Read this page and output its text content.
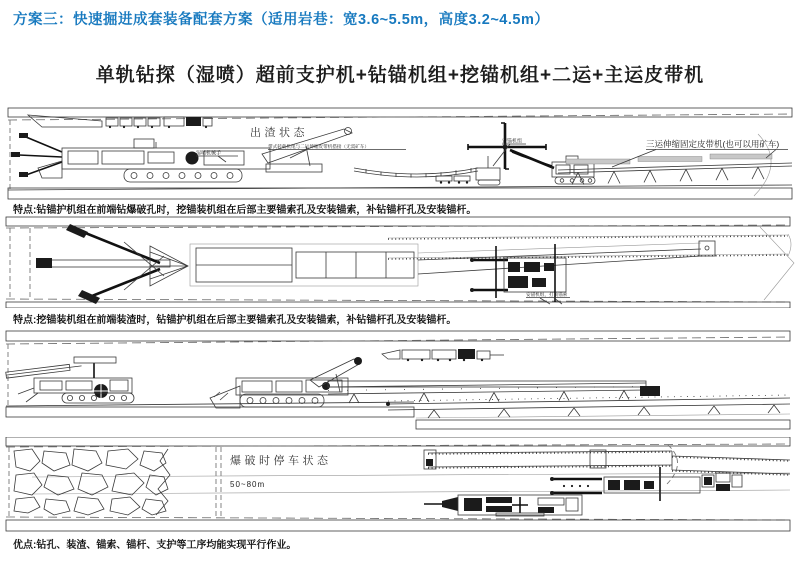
方案三：快速掘进成套装备配套方案（适用岩巷：宽3.6~5.5m，高度3.2~4.5m）
单轨钻探（湿喷）超前支护机+钻锚机组+挖锚机组+二运+主运皮带机
出渣状态
湿喷机械手
带式转载机尾与二运伸缩皮带机搭接（无需矿车）
安锚机组	三运伸缩固定皮带机(也可以用矿车)
特点:钻锚护机组在前端钻爆破孔时，挖锚装机组在后部主要锚索孔及安装锚索，补钻锚杆孔及安装锚杆。
安锚机组，打顶锚索
特点:挖锚装机组在前端装渣时，钻锚护机组在后部主要锚索孔及安装锚索，补钻锚杆孔及安装锚杆。
爆破时停车状态
50~80m
优点:钻孔、装渣、锚索、锚杆、支护等工序均能实现平行作业。
